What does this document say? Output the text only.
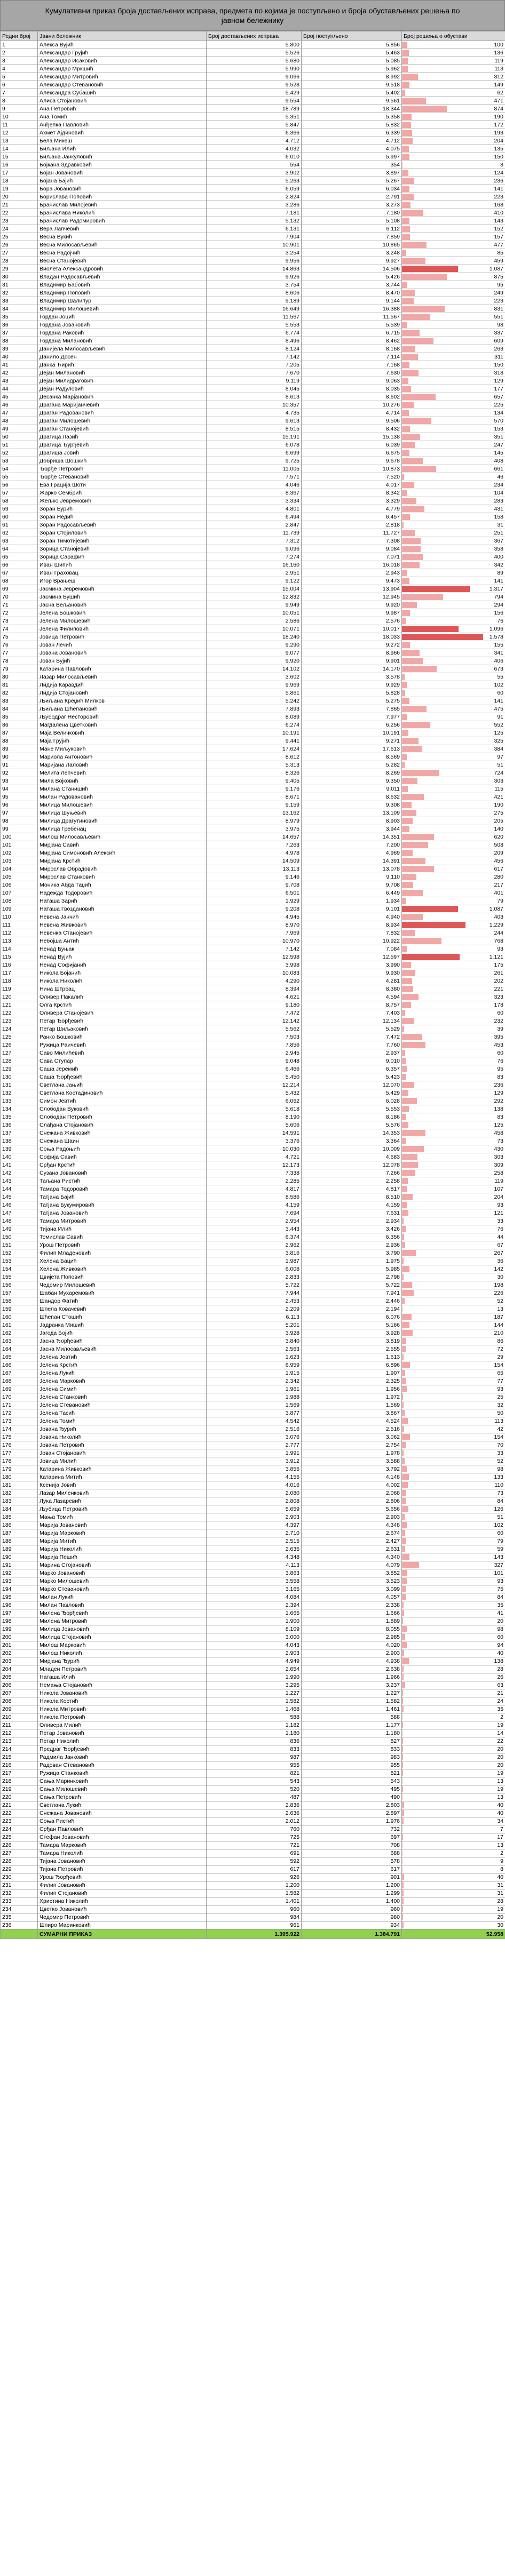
Кумулативни приказ броја достављених исправа, предмета по којима је поступљено и броја обустављених решења по јавном бележнику
Редни број	Јавни бележник	Број достављених исправа	Број поступљено	Број решења о обустави
1	Алекса Вујић	5.800	5.856	100
2	Александар Грујић	5.526	5.463	136
3	Александар Исаковић	5.680	5.085	119
4	Александар Мркшић	5.990	5.962	113
5	Александар Митровић	9.066	8.992	312
6	Александар Стевановић	9.528	9.518	149
7	Александра Субашић	5.429	5.402	62
8	Алиса Стојановић	9.554	9.561	471
9	Ана Петровић	18.789	18.344	874
10	Ана Томић	5.351	5.358	190
11	Анђелка Павловић	5.847	5.832	172
12	Ахмет Ајдиновић	6.366	6.339	193
13	Бела Микеш	4.712	4.712	204
14	Биљана Илић	4.032	4.075	135
15	Биљана Јанкуловић	6.010	5.997	150
16	Бојкана Здравковић	554	354	8
17	Бојан Јовановић	3.902	3.897	124
18	Бојана Бајић	5.263	5.267	236
19	Бора Јовановић	6.059	6.034	141
20	Борислава Поповић	2.824	2.791	223
21	Бранислав Милојевић	3.286	3.273	168
22	Бранислава Николић	7.181	7.180	410
23	Бранислав Радомировић	5.132	5.108	143
24	Вера Лапчевић	6.131	6.112	152
25	Весна Вукић	7.904	7.859	157
26	Весна Милосављевић	10.901	10.865	477
27	Весна Радојчић	3.254	3.248	85
28	Весна Станојевић	9.956	9.927	459
29	Виолета Александровић	14.863	14.506	1.087
30	Владан Радосављевић	9.926	5.426	875
31	Владимир Бабовић	3.754	3.744	95
32	Владимир Поповић	8.606	8.470	249
33	Владимир Шалипур	9.189	9.144	223
34	Владимир Милошевић	16.649	16.388	831
35	Гордан Јоцић	11.567	11.567	551
36	Гордана Јовановић	5.553	5.539	98
37	Гордана Раковић	6.774	6.715	337
38	Гордана Милановић	8.496	8.462	609
39	Данијела Милосављевић	8.124	8.168	263
40	Данило Досен	7.142	7.114	311
41	Данка Ћирић	7.205	7.168	150
42	Дејан Милановић	7.670	7.630	318
43	Дејан Милидраговић	9.119	9.063	129
44	Дејан Радуловић	8.045	8.035	177
45	Десанка Марјановић	8.613	8.602	657
46	Драгана Маријанчевић	10.357	10.276	225
47	Драган Радовановић	4.735	4.714	134
48	Драган Милошевић	9.613	9.506	570
49	Драган Станојевић	8.515	8.432	153
50	Драгица Лазић	15.191	15.138	351
51	Драгица Ђурђевић	6.078	6.039	247
52	Драгиша Јовић	6.699	6.675	145
53	Добриша Шошкић	9.725	9.678	408
54	Ђорђе Петровић	11.005	10.873	661
55	Ђорђе Стевановић	7.571	7.520	46
56	Ева Грација Шоти	4.046	4.017	234
57	Жарко Сембрић	8.367	8.342	104
58	Жељко Јевремовић	3.334	3.329	283
59	Зоран Бурић	4.801	4.779	431
60	Зоран Недић	6.494	6.457	158
61	Зоран Радосављевић	2.847	2.818	31
62	Зоран Стојиловић	11.739	11.727	251
63	Зоран Тимотијевић	7.312	7.308	367
64	Зорица Станојевић	9.096	9.084	358
65	Зорица Сарафић	7.274	7.071	400
66	Иван Шипић	16.160	16.018	342
67	Иван Граховац	2.951	2.943	89
68	Игор Врањеш	9.122	9.473	141
69	Јасмина Јевремовић	15.004	13.904	1.317
70	Јасмина Бушић	12.832	12.945	794
71	Јасна Вељановић	9.949	9.920	294
72	Јелена Бошковић	10.051	9.987	156
73	Јелена Милошевић	2.586	2.576	76
74	Јелена Филиповић	10.071	10.017	1.096
75	Јовица Петровић	18.240	18.033	1.578
76	Јован Лечић	9.290	9.272	155
77	Јована Јовановић	9.077	8.966	341
78	Јован Вујић	9.920	9.901	406
79	Катарина Павловић	14.102	14.170	673
80	Лазар Милосављевић	3.602	3.578	55
81	Лидија Каравдић	9.969	9.929	102
82	Лидија Стојановић	5.861	5.828	60
83	Љиљана Креџић Милков	5.242	5.275	141
84	Љиљана Шћепановић	7.893	7.865	475
85	Љубодраг Несторовић	8.089	7.977	91
86	Магдалена Цветковић	6.274	6.256	552
87	Маја Величковић	10.191	10.191	125
88	Маја Грујић	9.441	9.271	325
89	Мане Миљуковић	17.624	17.613	384
90	Мариола Антоновић	8.612	8.569	97
91	Маријана Лаловић	5.313	5.282	51
92	Мелита Лепчевић	8.326	8.269	724
93	Мила Војковић	9.405	9.350	303
94	Милана Станишић	9.176	9.011	115
95	Милан Радовановић	8.671	8.632	421
96	Милица Милошевић	9.159	9.308	190
97	Милица Шуњевић	13.162	13.109	275
98	Милица Драгутиновић	8.979	8.903	205
99	Милица Гребенац	3.975	3.944	140
100	Милош Милосављевић	14.657	14.351	620
101	Мирјана Савић	7.263	7.200	508
102	Мирјана Симоновић Алексић	4.978	4.969	209
103	Мирјана Крстић	14.509	14.391	456
104	Мирослав Обрадовић	13.113	13.078	617
105	Мирослав Станковић	9.146	9.110	280
106	Моника Абда Таџић	9.708	9.708	217
107	Надежда Тодоровић	6.501	6.449	401
108	Наташа Зарић	1.929	1.934	79
109	Наташа Гвоздановић	9.208	9.101	1.087
110	Невена Јанчић	4.945	4.940	403
111	Невена Живковић	8.970	8.934	1.229
112	Невенка Станојевић	7.969	7.832	244
113	Небојша Антић	10.970	10.922	768
114	Ненад Буњак	7.142	7.084	93
115	Ненад Вујић	12.598	12.597	1.121
116	Ненад Софијанић	3.998	3.990	175
117	Никола Бојанић	10.083	9.930	261
118	Никола Николић	4.290	4.281	202
119	Нина Штрбац	8.394	8.380	221
120	Оливер Пакалић	4.621	4.594	323
121	Олга Крстић	9.180	8.757	178
122	Оливера Станојевић	7.472	7.403	60
123	Петар Ђорђевић	12.142	12.134	232
124	Петар Шиљаковић	5.562	5.529	39
125	Ранко Бошковић	7.503	7.472	395
126	Ружица Раичевић	7.856	7.760	453
127	Саво Милићевић	2.945	2.937	60
128	Сава Ступар	9.048	9.010	76
129	Саша Јеремић	6.466	6.357	95
130	Саша Ђорђевић	5.450	5.423	83
131	Светлана Јањић	12.214	12.070	236
132	Светлана Костадиновић	5.432	5.429	129
133	Симон Јевтић	6.062	6.028	292
134	Слободан Вуковић	5.618	5.553	138
135	Слободан Петровић	8.190	8.186	83
136	Слађана Стојановић	5.606	5.576	125
137	Снежана Живковић	14.591	14.353	458
138	Снежана Шаин	3.376	3.364	73
139	Соња Радоњић	10.030	10.009	430
140	Софија Савић	4.721	4.683	303
141	Срђан Крстић	12.173	12.078	309
142	Сузана Јовановић	7.338	7.266	258
143	Таљана Ристић	2.285	2.258	119
144	Тамара Тодоровић	4.817	4.817	107
145	Татјана Бајић	8.586	8.510	204
146	Татјана Букумировић	4.159	4.159	93
147	Татјана Јовановић	7.694	7.631	121
148	Тамара Митровић	2.954	2.934	33
149	Тијана Илић	3.443	3.426	76
150	Томислав Савић	6.374	6.356	44
151	Урош Петровић	2.962	2.936	67
152	Филип Младеновић	3.816	3.790	267
153	Хелена Бацић	1.987	1.975	36
154	Хелена Живковић	6.008	5.985	142
155	Цвијета Поповић	2.833	2.798	30
156	Чедомир Милошевић	5.722	5.722	198
157	Шабан Мухарeмовић	7.944	7.941	226
158	Шандор Фатић	2.453	2.446	52
159	Шпела Ковачевић	2.209	2.194	13
160	Шћепан Стошић	6.113	6.076	187
161	Јадранка Мишић	5.201	5.166	144
162	Јагода Бојић	3.928	3.928	210
163	Јасна Ђорђевић	3.840	3.819	86
164	Јасна Милосављевић	2.563	2.555	72
165	Јелена Јевтић	1.623	1.613	29
166	Јелена Крстић	6.959	6.896	154
167	Јелена Лукић	1.915	1.907	65
168	Јелена Марковић	2.342	2.325	77
169	Јелена Симић	1.961	1.956	93
170	Јелена Станковић	1.988	1.972	25
171	Јелена Стевановић	1.569	1.569	32
172	Јелена Тасић	3.877	3.867	50
173	Јелена Томић	4.542	4.524	113
174	Јована Ђурић	2.516	2.516	42
175	Јована Николић	3.076	3.062	154
176	Јована Петровић	2.777	2.754	70
177	Јован Стојановић	1.991	1.978	33
178	Јовица Милић	3.912	3.588	52
179	Катарина Живковић	3.855	3.792	98
180	Катарина Митић	4.155	4.148	133
181	Ксенија Јовић	4.016	4.002	110
182	Лазар Миленковић	2.080	2.068	73
183	Лука Лазаревић	2.808	2.806	84
184	Љубица Петровић	5.659	5.656	126
185	Мања Томић	2.903	2.903	51
186	Марија Јовановић	4.397	4.348	102
187	Марија Марковић	2.710	2.674	60
188	Марија Митић	2.515	2.427	79
189	Марија Николић	2.635	2.631	59
190	Марија Пешић	4.348	4.340	143
191	Марина Стојановић	4.113	4.079	327
192	Марко Јовановић	3.863	3.852	101
193	Марко Милошевић	3.558	3.523	93
194	Марко Стевановић	3.165	3.099	75
195	Милан Лукић	4.084	4.057	84
196	Милан Павловић	2.394	2.338	35
197	Милена Ђорђевић	1.665	1.666	41
198	Милена Митровић	1.900	1.889	20
199	Милица Јовановић	8.109	8.055	98
200	Милица Стојановић	3.000	2.985	60
201	Милош Марковић	4.043	4.020	94
202	Милош Николић	2.903	2.903	40
203	Мирјана Ђурић	4.949	4.938	138
204	Младен Петровић	2.654	2.638	28
205	Наташа Илић	1.990	1.966	26
206	Немања Стојановић	3.295	3.237	63
207	Никола Јовановић	1.227	1.227	21
208	Никола Костић	1.582	1.582	24
209	Никола Митровић	1.468	1.461	35
210	Никола Петровић	588	588	2
211	Оливера Милић	1.182	1.177	19
212	Петар Јовановић	1.180	1.180	14
213	Петар Николић	836	827	22
214	Предраг Ђорђевић	833	833	20
215	Радмила Јанковић	987	983	20
216	Радован Стевановић	955	955	20
217	Ружица Станковић	821	821	19
218	Сања Маринковић	543	543	13
219	Сања Милошевић	520	495	19
220	Сања Петровић	487	490	13
221	Светлана Лукић	2.836	2.803	40
222	Снежана Јовановић	2.636	2.897	40
223	Соња Ристић	2.012	1.976	34
224	Срђан Павловић	760	732	7
225	Стефан Јовановић	725	697	17
226	Тамара Марковић	721	708	13
227	Тамара Николић	691	688	2
228	Тијана Јовановић	592	578	9
229	Тијана Петровић	617	617	8
230	Урош Ђорђевић	926	901	40
231	Филип Јовановић	1.200	1.200	31
232	Филип Стојановић	1.582	1.299	31
233	Христина Николић	1.401	1.400	28
234	Цветко Јовановић	960	960	19
235	Чедомир Петровић	984	980	20
236	Шпиро Маринковић	961	934	30
	СУМАРНИ ПРИКАЗ	1.395.922	1.384.791	52.958
